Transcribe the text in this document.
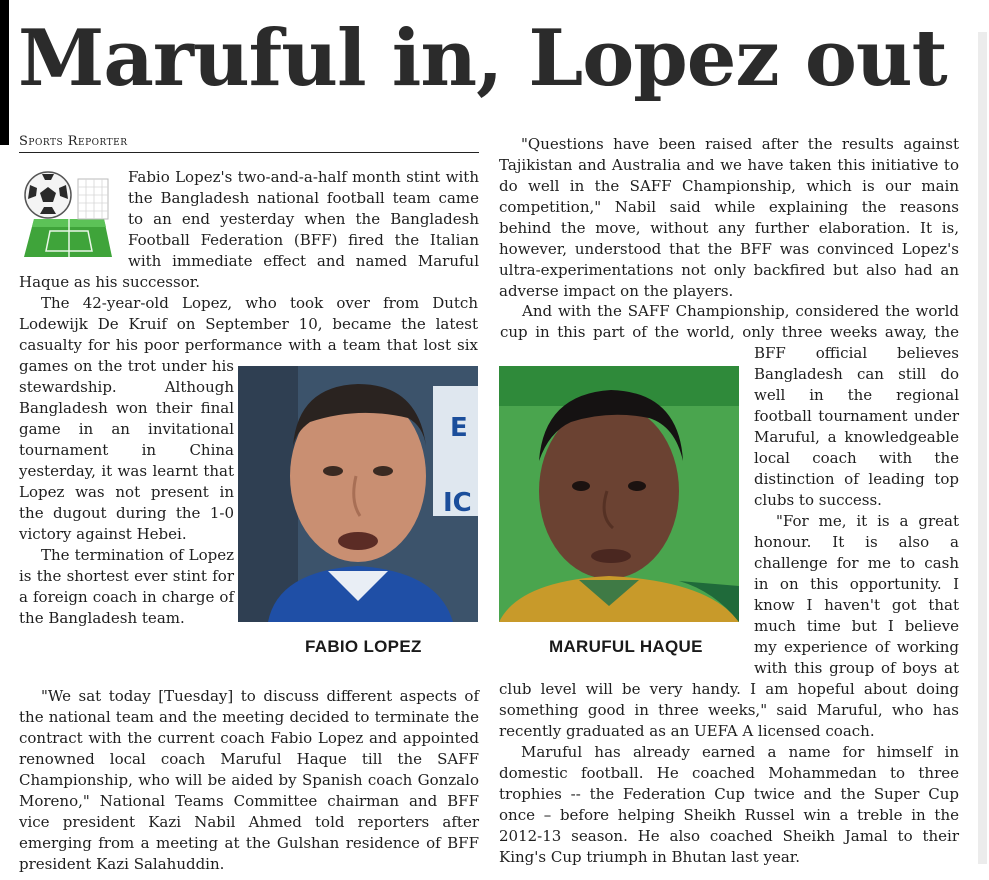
Maruful in, Lopez out
Sports Reporter

Fabio Lopez's two-and-a-half month stint with the Bangladesh national football team came to an end yesterday when the Bangladesh Football Federation (BFF) fired the Italian with immediate effect and named Maruful Haque as his successor.

E
IC
FABIO LOPEZ

The 42-year-old Lopez, who took over from Dutch Lodewijk De Kruif on September 10, became the latest casualty for his poor performance with a team that lost six games on the trot under his stewardship. Although Bangladesh won their final game in an invitational tournament in China yesterday, it was learnt that Lopez was not present in the dugout during the 1-0 victory against Hebei.

The termination of Lopez is the shortest ever stint for a foreign coach in charge of the Bangladesh team.

"We sat today [Tuesday] to discuss different aspects of the national team and the meeting decided to terminate the contract with the current coach Fabio Lopez and appointed renowned local coach Maruful Haque till the SAFF Championship, who will be aided by Spanish coach Gonzalo Moreno," National Teams Committee chairman and BFF vice president Kazi Nabil Ahmed told reporters after emerging from a meeting at the Gulshan residence of BFF president Kazi Salahuddin.

"Questions have been raised after the results against Tajikistan and Australia and we have taken this initiative to do well in the SAFF Championship, which is our main competition," Nabil said while explaining the reasons behind the move, without any further elaboration. It is, however, understood that the BFF was convinced Lopez's ultra-experimentations not only backfired but also had an adverse impact on the players.

And with the SAFF Championship, considered the world cup in this part of the world, only three weeks away, the BFF official believes Bangladesh can still do well in the regional football tournament under Maruful, a knowledgeable local coach with the distinction of leading top clubs to success.

"For me, it is a great honour. It is also a challenge for me to cash in on this opportunity. I know I haven't got that much time but I believe my experience of working with this group of boys at club level will be very handy. I am hopeful about doing something good in three weeks," said Maruful, who has recently graduated as an UEFA A licensed coach.

MARUFUL HAQUE

Maruful has already earned a name for himself in domestic football. He coached Mohammedan to three trophies -- the Federation Cup twice and the Super Cup once – before helping Sheikh Russel win a treble in the 2012-13 season. He also coached Sheikh Jamal to their King's Cup triumph in Bhutan last year.
